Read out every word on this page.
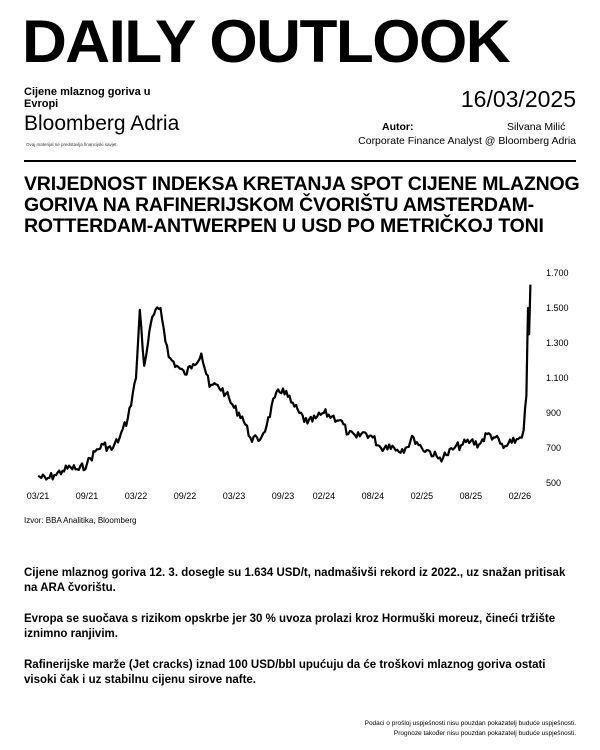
DAILY OUTLOOK
Cijene mlaznog goriva u Evropi	16/03/2025
Bloomberg Adria
Ovaj materijal ne predstavlja financijski savjet.
Autor:	Silvana Milić
Corporate Finance Analyst @ Bloomberg Adria
VRIJEDNOST INDEKSA KRETANJA SPOT CIJENE MLAZNOG GORIVA NA RAFINERIJSKOM ČVORIŠTU AMSTERDAM-ROTTERDAM-ANTWERPEN U USD PO METRIČKOJ TONI
500
700
900
1.100
1.300
1.500
1.700
03/21	09/21	03/22	09/22	03/23	09/23 02/24	08/24	02/25	08/25	02/26
Izvor: BBA Analitika, Bloomberg
Cijene mlaznog goriva 12. 3. dosegle su 1.634 USD/t, nadmašivši rekord iz 2022., uz snažan pritisak na ARA čvorištu.
Evropa se suočava s rizikom opskrbe jer 30 % uvoza prolazi kroz Hormuški moreuz, čineći tržište iznimno ranjivim.
Rafinerijske marže (Jet cracks) iznad 100 USD/bbl upućuju da će troškovi mlaznog goriva ostati visoki čak i uz stabilnu cijenu sirove nafte.
Podaci o prošloj uspješnosti nisu pouzdan pokazatelj buduće uspješnosti.
Prognoze također nisu pouzdan pokazatelj buduće uspješnosti.
